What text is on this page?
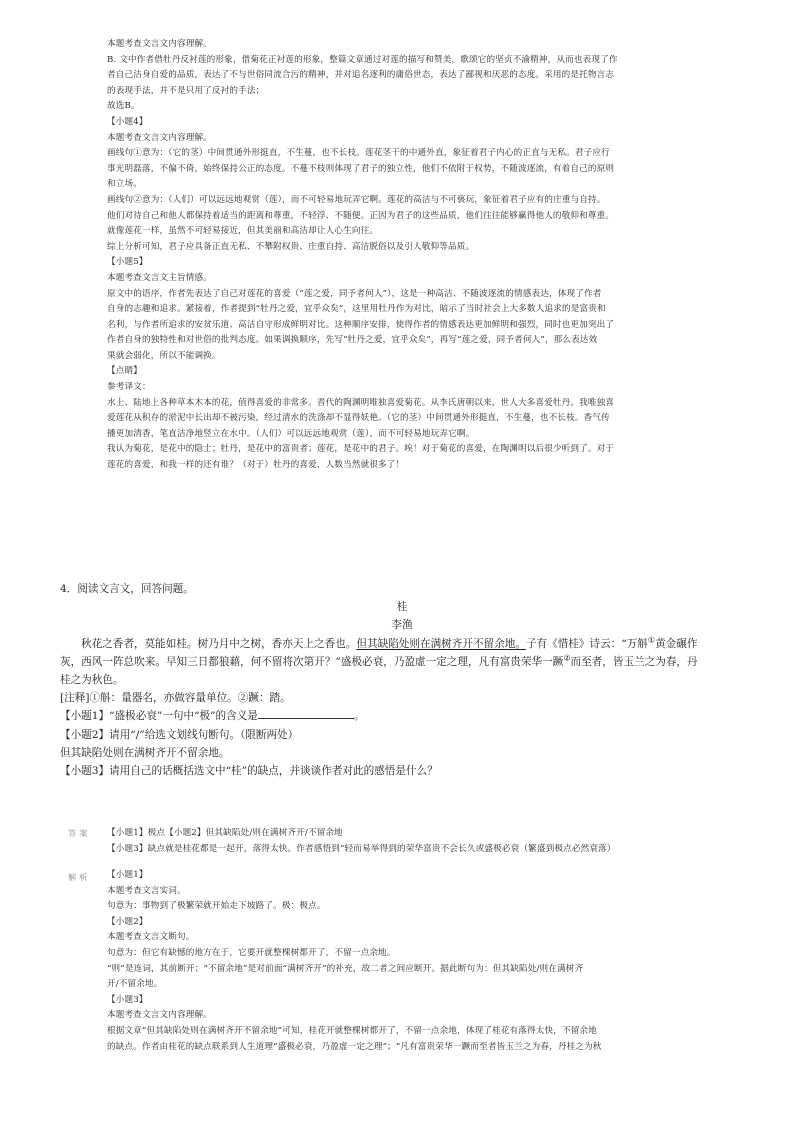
本题考查文言文内容理解。

B. 文中作者借牡丹反衬莲的形象，借菊花正衬莲的形象，整篇文章通过对莲的描写和赞美，歌颂它的坚贞不渝精神，从而也表现了作

者自己洁身自爱的品质，表达了不与世俗同流合污的精神，并对追名逐利的庸俗世态，表达了鄙视和厌恶的态度。采用的是托物言志

的表现手法，并不是只用了反衬的手法；

故选B。

【小题4】

本题考查文言文内容理解。

画线句①意为：（它的茎）中间贯通外形挺直，不生蔓，也不长枝。莲花茎干的中通外直，象征着君子内心的正直与无私。君子应行

事光明磊落，不偏不倚，始终保持公正的态度。不蔓不枝则体现了君子的独立性，他们不依附于权势，不随波逐流，有着自己的原则

和立场。

画线句②意为：（人们）可以远远地观赏（莲），而不可轻易地玩弄它啊。莲花的高洁与不可亵玩，象征着君子应有的庄重与自持。

他们对待自己和他人都保持着适当的距离和尊重，不轻浮、不随便。正因为君子的这些品质，他们往往能够赢得他人的敬仰和尊重。

就像莲花一样，虽然不可轻易接近，但其美丽和高洁却让人心生向往。

综上分析可知，君子应具备正直无私、不攀附权贵、庄重自持、高洁脱俗以及引人敬仰等品质。

【小题5】

本题考查文言文主旨情感。

原文中的语序，作者先表达了自己对莲花的喜爱（“莲之爱，同予者何人”），这是一种高洁、不随波逐流的情感表达，体现了作者

自身的志趣和追求。紧接着，作者提到“牡丹之爱，宜乎众矣”，这里用牡丹作为对比，暗示了当时社会上大多数人追求的是富贵和

名利，与作者所追求的安贫乐道、高洁自守形成鲜明对比。这种顺序安排，使得作者的情感表达更加鲜明和强烈，同时也更加突出了

作者自身的独特性和对世俗的批判态度。如果调换顺序，先写“牡丹之爱，宜乎众矣”，再写“莲之爱，同予者何人”，那么表达效

果就会弱化，所以不能调换。

【点睛】

参考译文：

水上、陆地上各种草本木本的花，值得喜爱的非常多。晋代的陶渊明唯独喜爱菊花。从李氏唐朝以来，世人大多喜爱牡丹。我唯独喜

爱莲花从积存的淤泥中长出却不被污染，经过清水的洗涤却不显得妖艳。（它的茎）中间贯通外形挺直，不生蔓，也不长枝。香气传

播更加清香，笔直洁净地竖立在水中。（人们）可以远远地观赏（莲），而不可轻易地玩弄它啊。

我认为菊花，是花中的隐士；牡丹，是花中的富贵者；莲花，是花中的君子。唉！对于菊花的喜爱，在陶渊明以后很少听到了。对于

莲花的喜爱，和我一样的还有谁？（对于）牡丹的喜爱，人数当然就很多了！

4．阅读文言文，回答问题。

桂

李渔

秋花之香者，莫能如桂。树乃月中之树，香亦天上之香也。但其缺陷处则在满树齐开不留余地。子有《惜桂》诗云：“万斛①黄金碾作

灰，西风一阵总吹来。早知三日都狼藉，何不留将次第开？”盛极必衰，乃盈虚一定之理，凡有富贵荣华一蹶②而至者，皆玉兰之为春，丹

桂之为秋色。

[注释]①斛：量器名，亦做容量单位。②蹶：踏。

【小题1】“盛极必衰”一句中“极”的含义是	。

【小题2】请用“/”给选文划线句断句。（限断两处）

但其缺陷处则在满树齐开不留余地。

【小题3】请用自己的话概括选文中“桂”的缺点，并谈谈作者对此的感悟是什么？

答案 【小题1】极点【小题2】但其缺陷处/则在满树齐开/不留余地

【小题3】缺点就是桂花都是一起开，落得太快。作者感悟到“轻而易举得到的荣华富贵不会长久或盛极必衰（繁盛到极点必然衰落）

解析 【小题1】

本题考查文言实词。

句意为：事物到了极繁荣就开始走下坡路了。极：极点。

【小题2】

本题考查文言文断句。

句意为：但它有缺憾的地方在于，它要开就整棵树都开了，不留一点余地。

“则”是连词，其前断开；“不留余地”是对前面“满树齐开”的补充，故二者之间应断开。据此断句为：但其缺陷处/则在满树齐

开/不留余地。

【小题3】

本题考查文言文内容理解。

根据文章“但其缺陷处则在满树齐开不留余地”可知，桂花开就整棵树都开了，不留一点余地，体现了桂花有落得太快，不留余地

的缺点。作者由桂花的缺点联系到人生道理“盛极必衰，乃盈虚一定之理”；“凡有富贵荣华一蹶而至者皆玉兰之为春，丹桂之为秋
